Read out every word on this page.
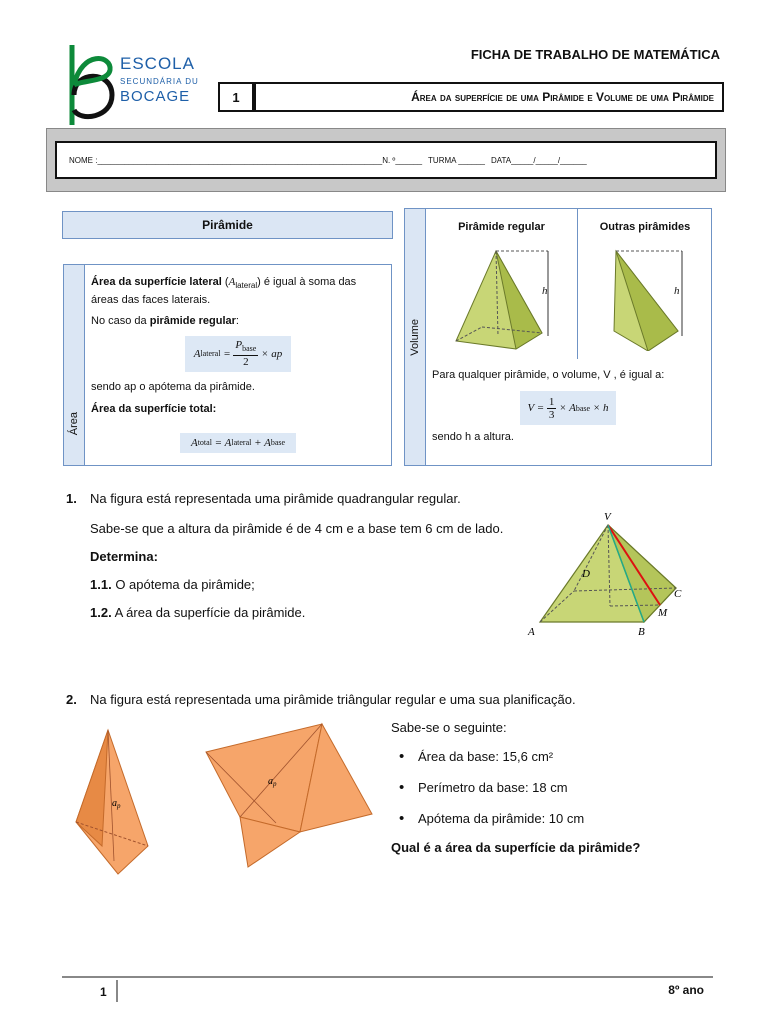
ESCOLA
SECUNDÁRIA DU
BOCAGE
FICHA DE TRABALHO DE MATEMÁTICA
1	Área da superfície de uma Pirâmide e Volume de uma Pirâmide
NOME : ________________________________________________________________ N. º______ TURMA ______ DATA_____/_____/______
Pirâmide
Área
Área da superfície lateral $(A_{lateral})$ é igual à soma das áreas das faces laterais.
No caso da pirâmide regular:
A lateral =
$P_{base}$
2

× ap
sendo ap o apótema da pirâmide.
Área da superfície total:
A total
= A lateral
+ A base
Volume
Pirâmide regular	Outras pirâmides
h	h
Para qualquer pirâmide, o volume, V , é igual a:
V =
$\frac{1}{3}$
× A base
× h
sendo h a altura.
1.	Na figura está representada uma pirâmide quadrangular regular.
Sabe-se que a altura da pirâmide é de 4 cm e a base tem 6 cm de lado.
Determina:
1.1. O apótema da pirâmide;
1.2. A área da superfície da pirâmide.
V
D
C
M
A	B
2.	Na figura está representada uma pirâmide triângular regular e uma sua planificação.
$a_p$
$a_p$
Sabe-se o seguinte:
• Área da base: 15,6 cm²
• Perímetro da base: 18 cm
• Apótema da pirâmide: 10 cm
Qual é a área da superfície da pirâmide?
1	8º ano
